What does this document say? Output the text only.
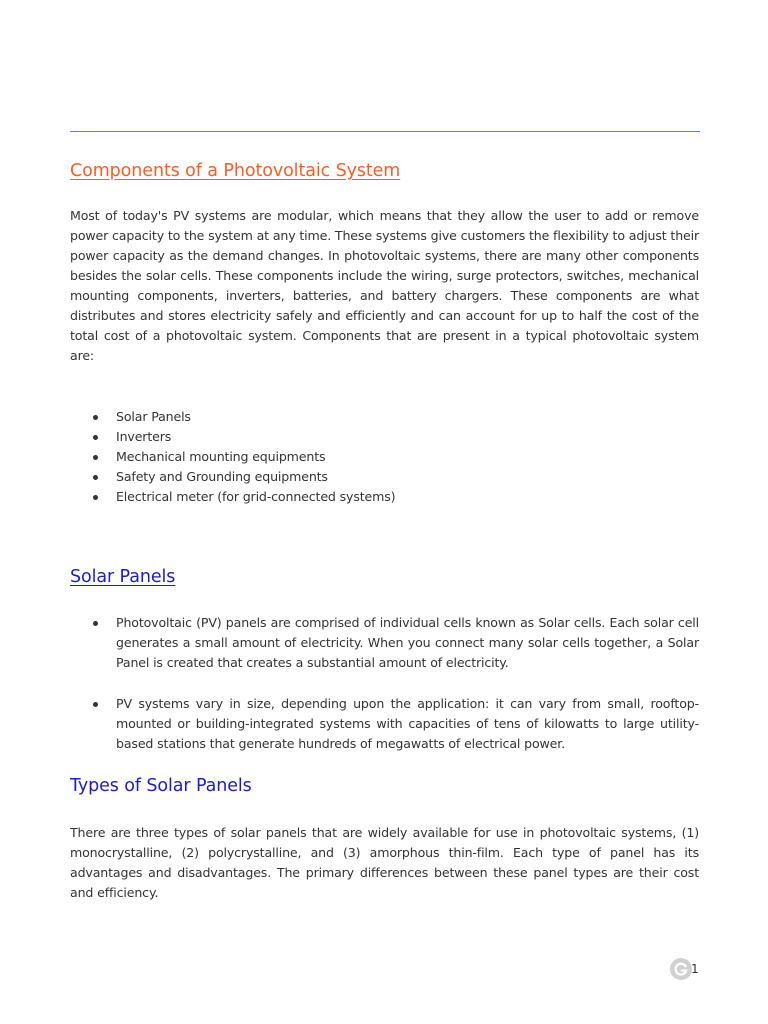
Components of a Photovoltaic System

Most of today's PV systems are modular, which means that they allow the user to add or remove power capacity to the system at any time. These systems give customers the flexibility to adjust their power capacity as the demand changes. In photovoltaic systems, there are many other components besides the solar cells. These components include the wiring, surge protectors, switches, mechanical mounting components, inverters, batteries, and battery chargers. These components are what distributes and stores electricity safely and efficiently and can account for up to half the cost of the total cost of a photovoltaic system. Components that are present in a typical photovoltaic system are:

Solar Panels
Inverters
Mechanical mounting equipments
Safety and Grounding equipments
Electrical meter (for grid-connected systems)
Solar Panels
Photovoltaic (PV) panels are comprised of individual cells known as Solar cells. Each solar cell generates a small amount of electricity. When you connect many solar cells together, a Solar Panel is created that creates a substantial amount of electricity.
PV systems vary in size, depending upon the application: it can vary from small, rooftop-mounted or building-integrated systems with capacities of tens of kilowatts to large utility-based stations that generate hundreds of megawatts of electrical power.
Types of Solar Panels

There are three types of solar panels that are widely available for use in photovoltaic systems, (1) monocrystalline, (2) polycrystalline, and (3) amorphous thin-film. Each type of panel has its advantages and disadvantages. The primary differences between these panel types are their cost and efficiency.

1
